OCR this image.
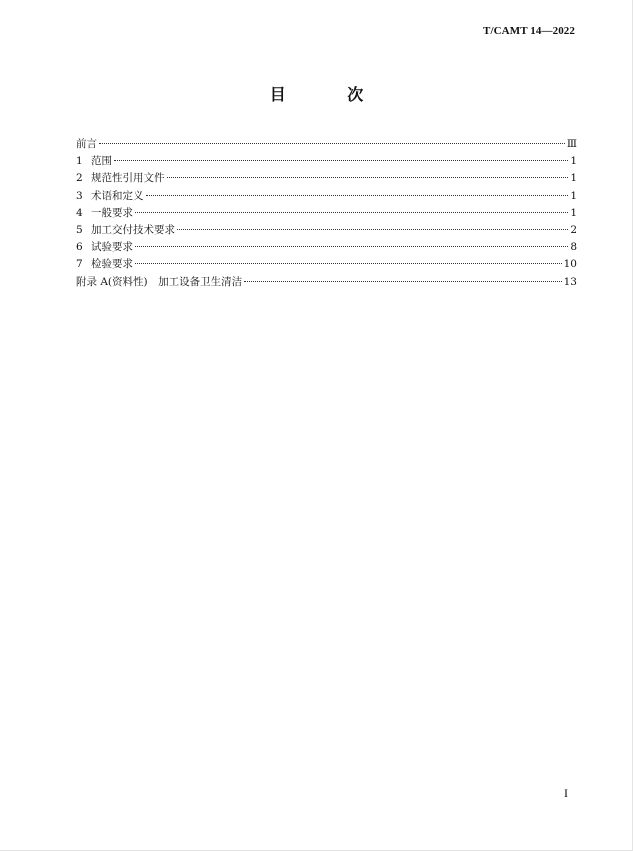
T/CAMT 14—2022
目 次
前言	Ⅲ
1 范围	1
2 规范性引用文件	1
3 术语和定义	1
4 一般要求	1
5 加工交付技术要求	2
6 试验要求	8
7 检验要求	10
附录 A(资料性)　加工设备卫生清洁	13
I
